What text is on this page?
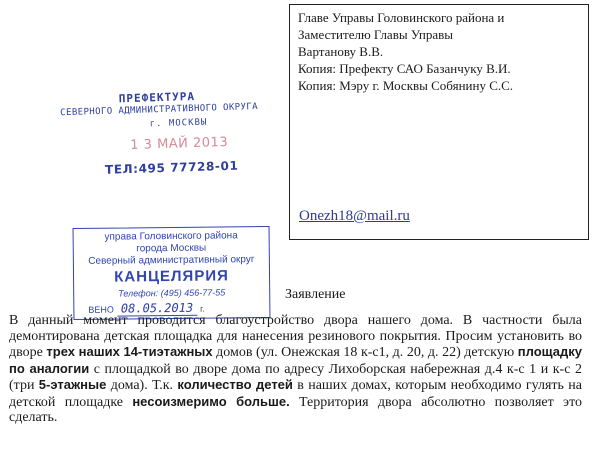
ПРЕФЕКТУРА
СЕВЕРНОГО АДМИНИСТРАТИВНОГО ОКРУГА
г. МОСКВЫ
1 3 МАЙ 2013
ТЕЛ:495 77728-01
Главе Управы Головинского района и
Заместителю Главы Управы
Вартанову В.В.
Копия: Префекту САО Базанчуку В.И.
Копия: Мэру г. Москвы Собянину С.С.
Onezh18@mail.ru
управа Головинского района
города Москвы
Северный административный округ
КАНЦЕЛЯРИЯ
Телефон: (495) 456-77-55
ВЕНО 08.05.2013 г.
Заявление
В данный момент проводится благоустройство двора нашего дома. В частности была демонтирована детская площадка для нанесения резинового покрытия. Просим установить во дворе трех наших 14-тиэтажных домов (ул. Онежская 18 к-с1, д. 20, д. 22) детскую площадку по аналогии с площадкой во дворе дома по адресу Лихоборская набережная д.4 к-с 1 и к-с 2 (три 5-этажные дома). Т.к. количество детей в наших домах, которым необходимо гулять на детской площадке несоизмеримо больше. Территория двора абсолютно позволяет это сделать.
